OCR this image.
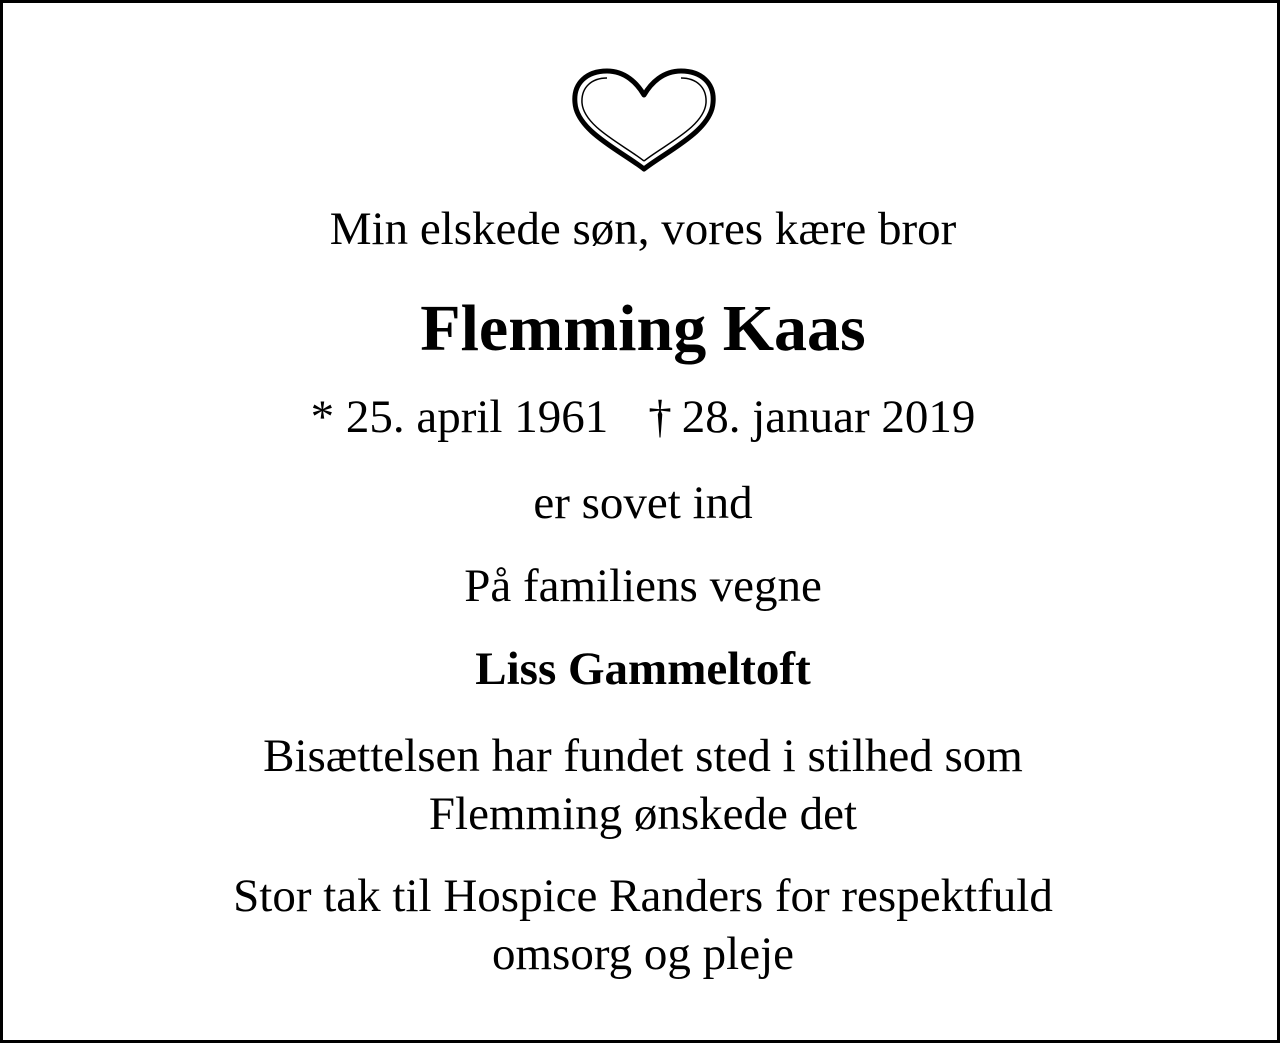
Min elskede søn, vores kære bror
Flemming Kaas
* 25. april 1961 † 28. januar 2019
er sovet ind
På familiens vegne
Liss Gammeltoft
Bisættelsen har fundet sted i stilhed som
Flemming ønskede det
Stor tak til Hospice Randers for respektfuld
omsorg og pleje
